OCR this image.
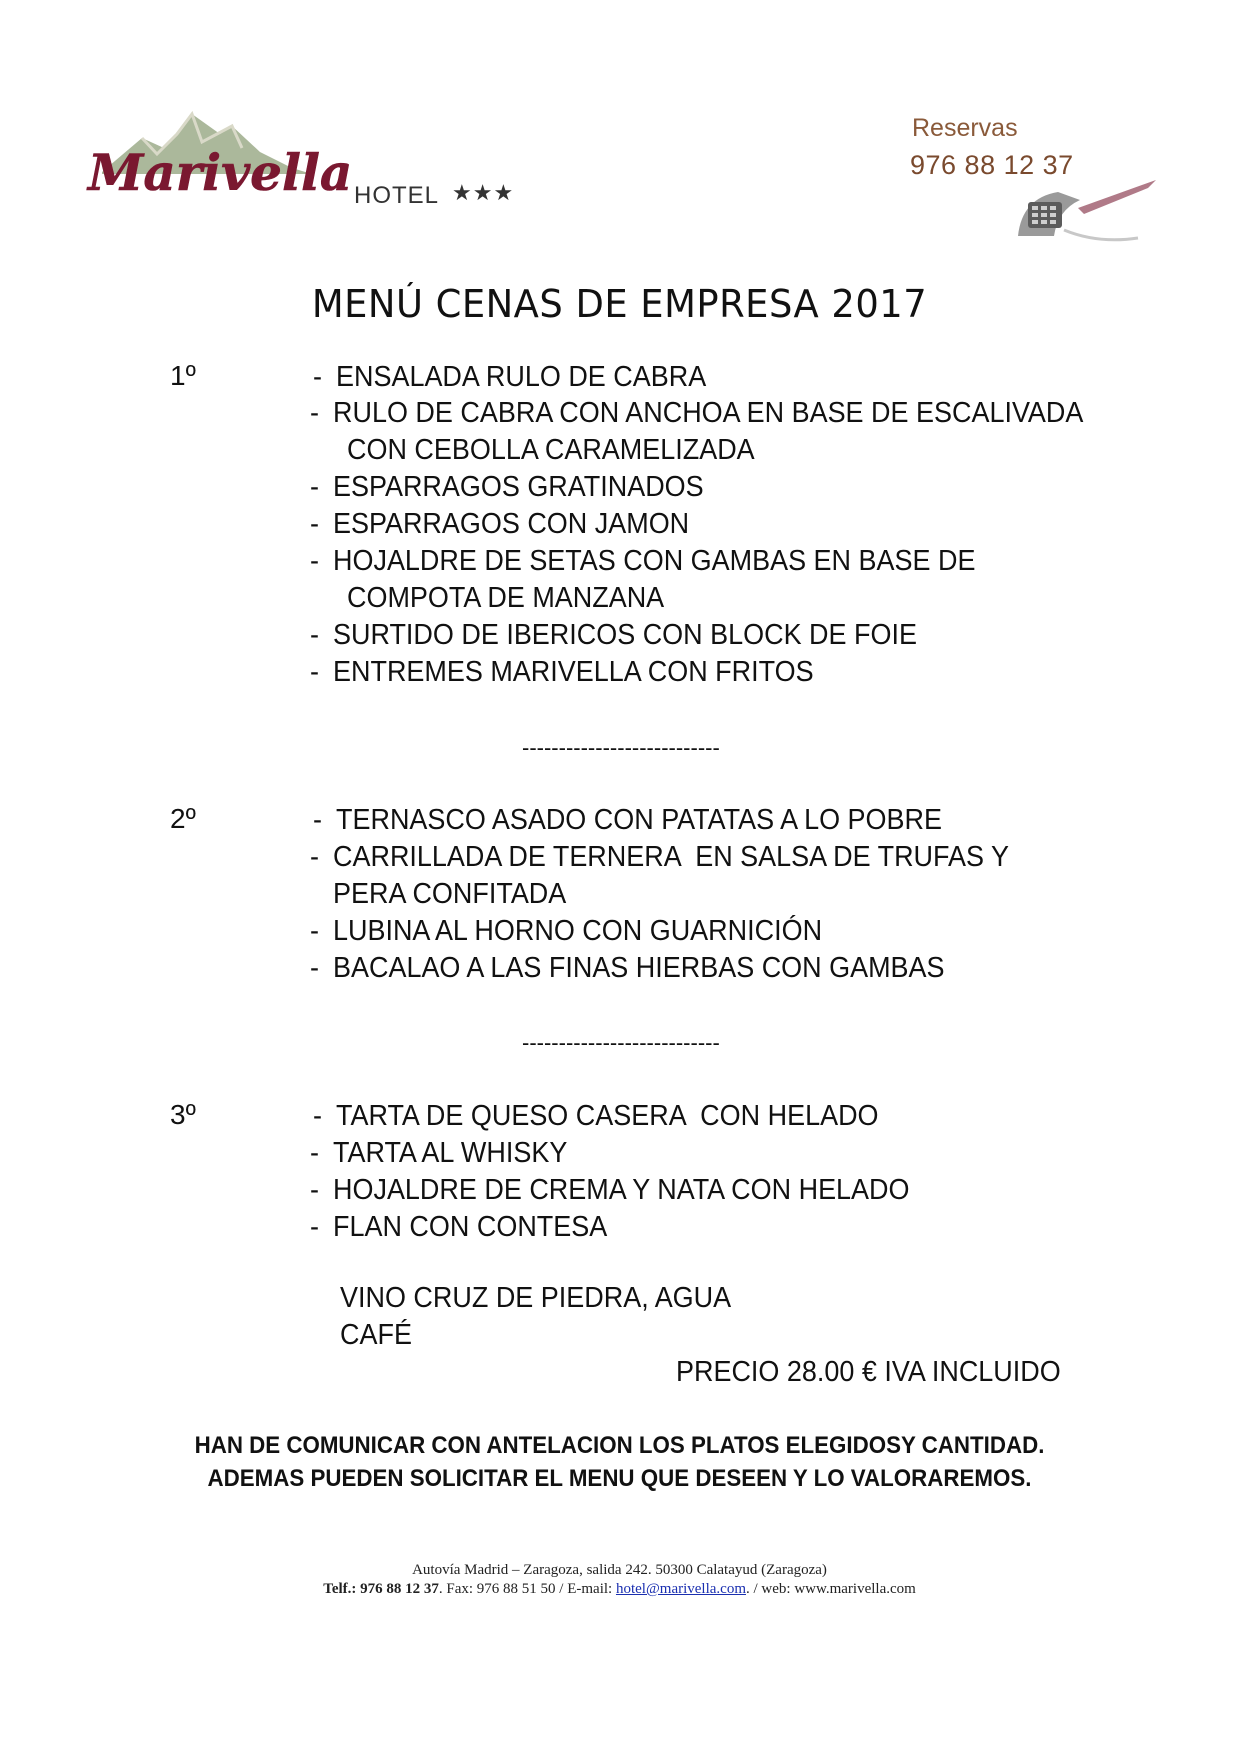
Marivella HOTEL ★★★
Reservas
976 88 12 37
MENÚ CENAS DE EMPRESA 2017
1º	- ENSALADA RULO DE CABRA
- RULO DE CABRA CON ANCHOA EN BASE DE ESCALIVADA
CON CEBOLLA CARAMELIZADA
- ESPARRAGOS GRATINADOS
- ESPARRAGOS CON JAMON
- HOJALDRE DE SETAS CON GAMBAS EN BASE DE
COMPOTA DE MANZANA
- SURTIDO DE IBERICOS CON BLOCK DE FOIE
- ENTREMES MARIVELLA CON FRITOS
---------------------------
2º	- TERNASCO ASADO CON PATATAS A LO POBRE
- CARRILLADA DE TERNERA  EN SALSA DE TRUFAS Y
PERA CONFITADA
- LUBINA AL HORNO CON GUARNICIÓN
- BACALAO A LAS FINAS HIERBAS CON GAMBAS
---------------------------
3º	- TARTA DE QUESO CASERA  CON HELADO
- TARTA AL WHISKY
- HOJALDRE DE CREMA Y NATA CON HELADO
- FLAN CON CONTESA
VINO CRUZ DE PIEDRA, AGUA
CAFÉ
PRECIO 28.00 € IVA INCLUIDO
HAN DE COMUNICAR CON ANTELACION LOS PLATOS ELEGIDOSY CANTIDAD.
ADEMAS PUEDEN SOLICITAR EL MENU QUE DESEEN Y LO VALORAREMOS.
Autovía Madrid – Zaragoza, salida 242. 50300 Calatayud (Zaragoza)
Telf.: 976 88 12 37. Fax: 976 88 51 50 / E-mail: hotel@marivella.com. / web: www.marivella.com
